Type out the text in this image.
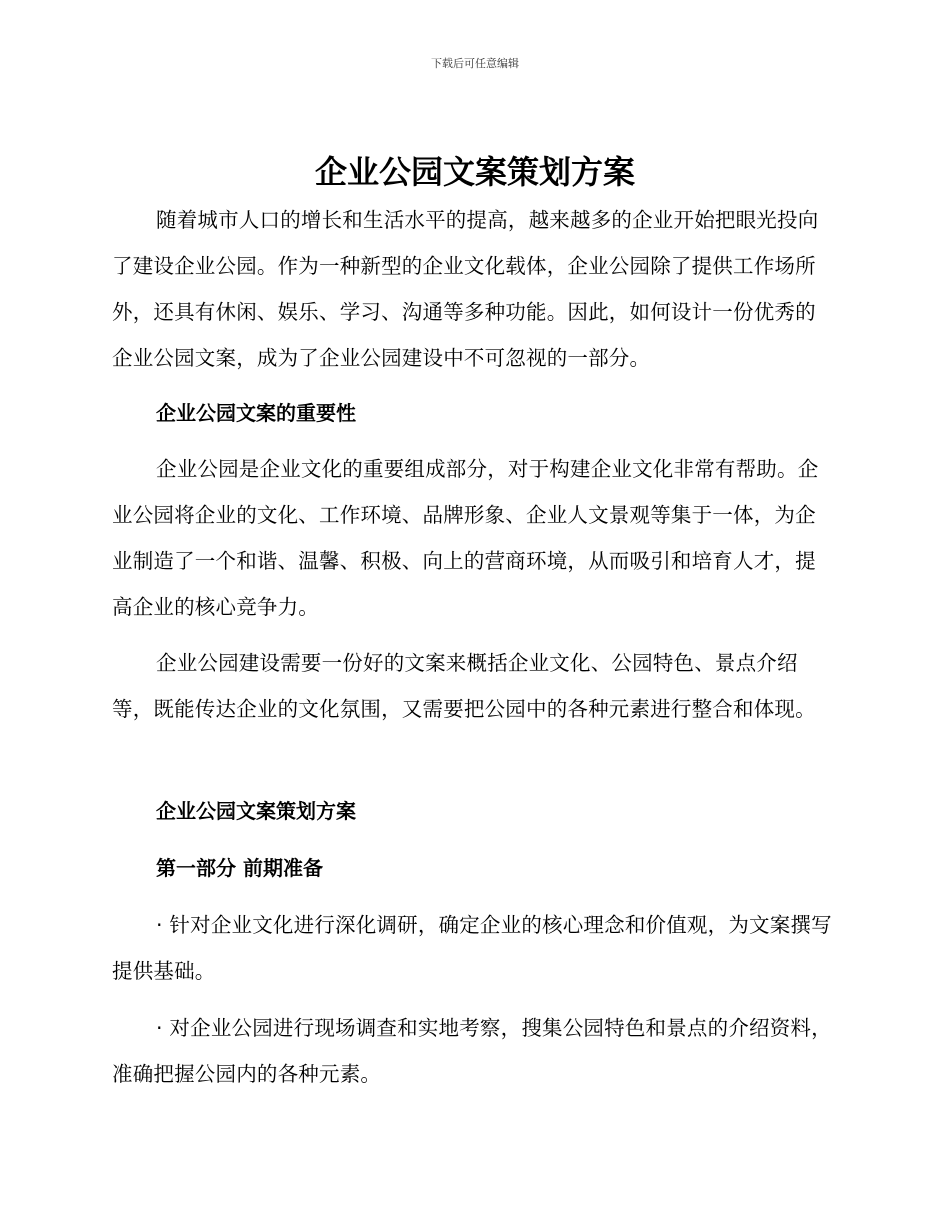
下载后可任意编辑
企业公园文案策划方案

随着城市人口的增长和生活水平的提高，越来越多的企业开始把眼光投向了建设企业公园。作为一种新型的企业文化载体，企业公园除了提供工作场所外，还具有休闲、娱乐、学习、沟通等多种功能。因此，如何设计一份优秀的企业公园文案，成为了企业公园建设中不可忽视的一部分。

企业公园文案的重要性

企业公园是企业文化的重要组成部分，对于构建企业文化非常有帮助。企业公园将企业的文化、工作环境、品牌形象、企业人文景观等集于一体，为企业制造了一个和谐、温馨、积极、向上的营商环境，从而吸引和培育人才，提高企业的核心竞争力。

企业公园建设需要一份好的文案来概括企业文化、公园特色、景点介绍等，既能传达企业的文化氛围，又需要把公园中的各种元素进行整合和体现。

企业公园文案策划方案
第一部分 前期准备

· 针对企业文化进行深化调研，确定企业的核心理念和价值观，为文案撰写提供基础。

· 对企业公园进行现场调查和实地考察，搜集公园特色和景点的介绍资料，准确把握公园内的各种元素。
